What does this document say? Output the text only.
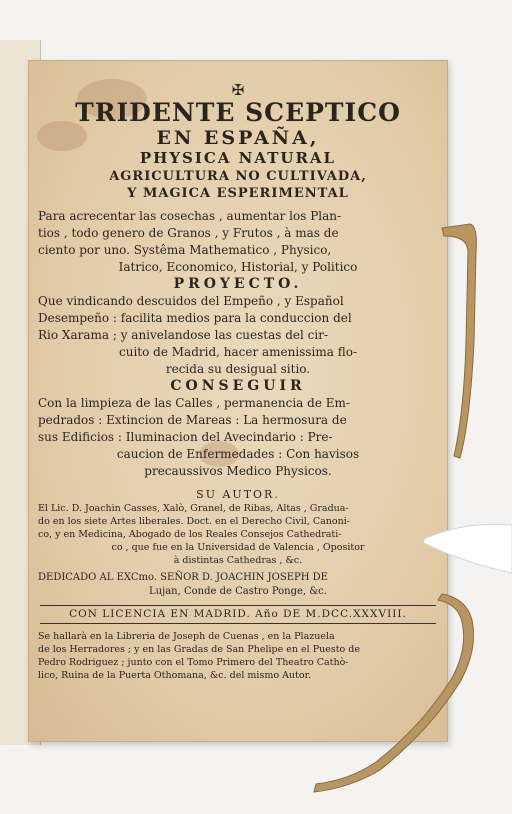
✠
TRIDENTE SCEPTICO
EN ESPAÑA,
PHYSICA NATURAL
AGRICULTURA NO CULTIVADA,
Y MAGICA ESPERIMENTAL
Para acrecentar las cosechas , aumentar los Plan-
tios , todo genero de Granos , y Frutos , à mas de
ciento por uno. Systêma Mathematico , Physico,
Iatrico, Economico, Historial, y Politico
PROYECTO.
Que vindicando descuidos del Empeño , y Español
Desempeño : facilita medios para la conduccion del
Rio Xarama ; y anivelandose las cuestas del cir-
cuito de Madrid, hacer amenissima flo-
recida su desigual sitio.
CONSEGUIR
Con la limpieza de las Calles , permanencia de Em-
pedrados : Extincion de Mareas : La hermosura de
sus Edificios : Iluminacion del Avecindario : Pre-
caucion de Enfermedades : Con havisos
precaussivos Medico Physicos.
SU AUTOR.
El Lic. D. Joachin Casses, Xalò, Granel, de Ribas, Altas , Gradua-
do en los siete Artes liberales. Doct. en el Derecho Civil, Canoni-
co, y en Medicina, Abogado de los Reales Consejos Cathedrati-
co , que fue en la Universidad de Valencia , Opositor
à distintas Cathedras , &c.
DEDICADO AL EXCmo. SEÑOR D. JOACHIN JOSEPH DE
Lujan, Conde de Castro Ponge, &c.
CON LICENCIA EN MADRID. Año DE M.DCC.XXXVIII.
Se hallarà en la Libreria de Joseph de Cuenas , en la Plazuela
de los Herradores ; y en las Gradas de San Phelipe en el Puesto de
Pedro Rodriguez ; junto con el Tomo Primero del Theatro Cathò-
lico, Ruina de la Puerta Othomana, &c. del mismo Autor.
